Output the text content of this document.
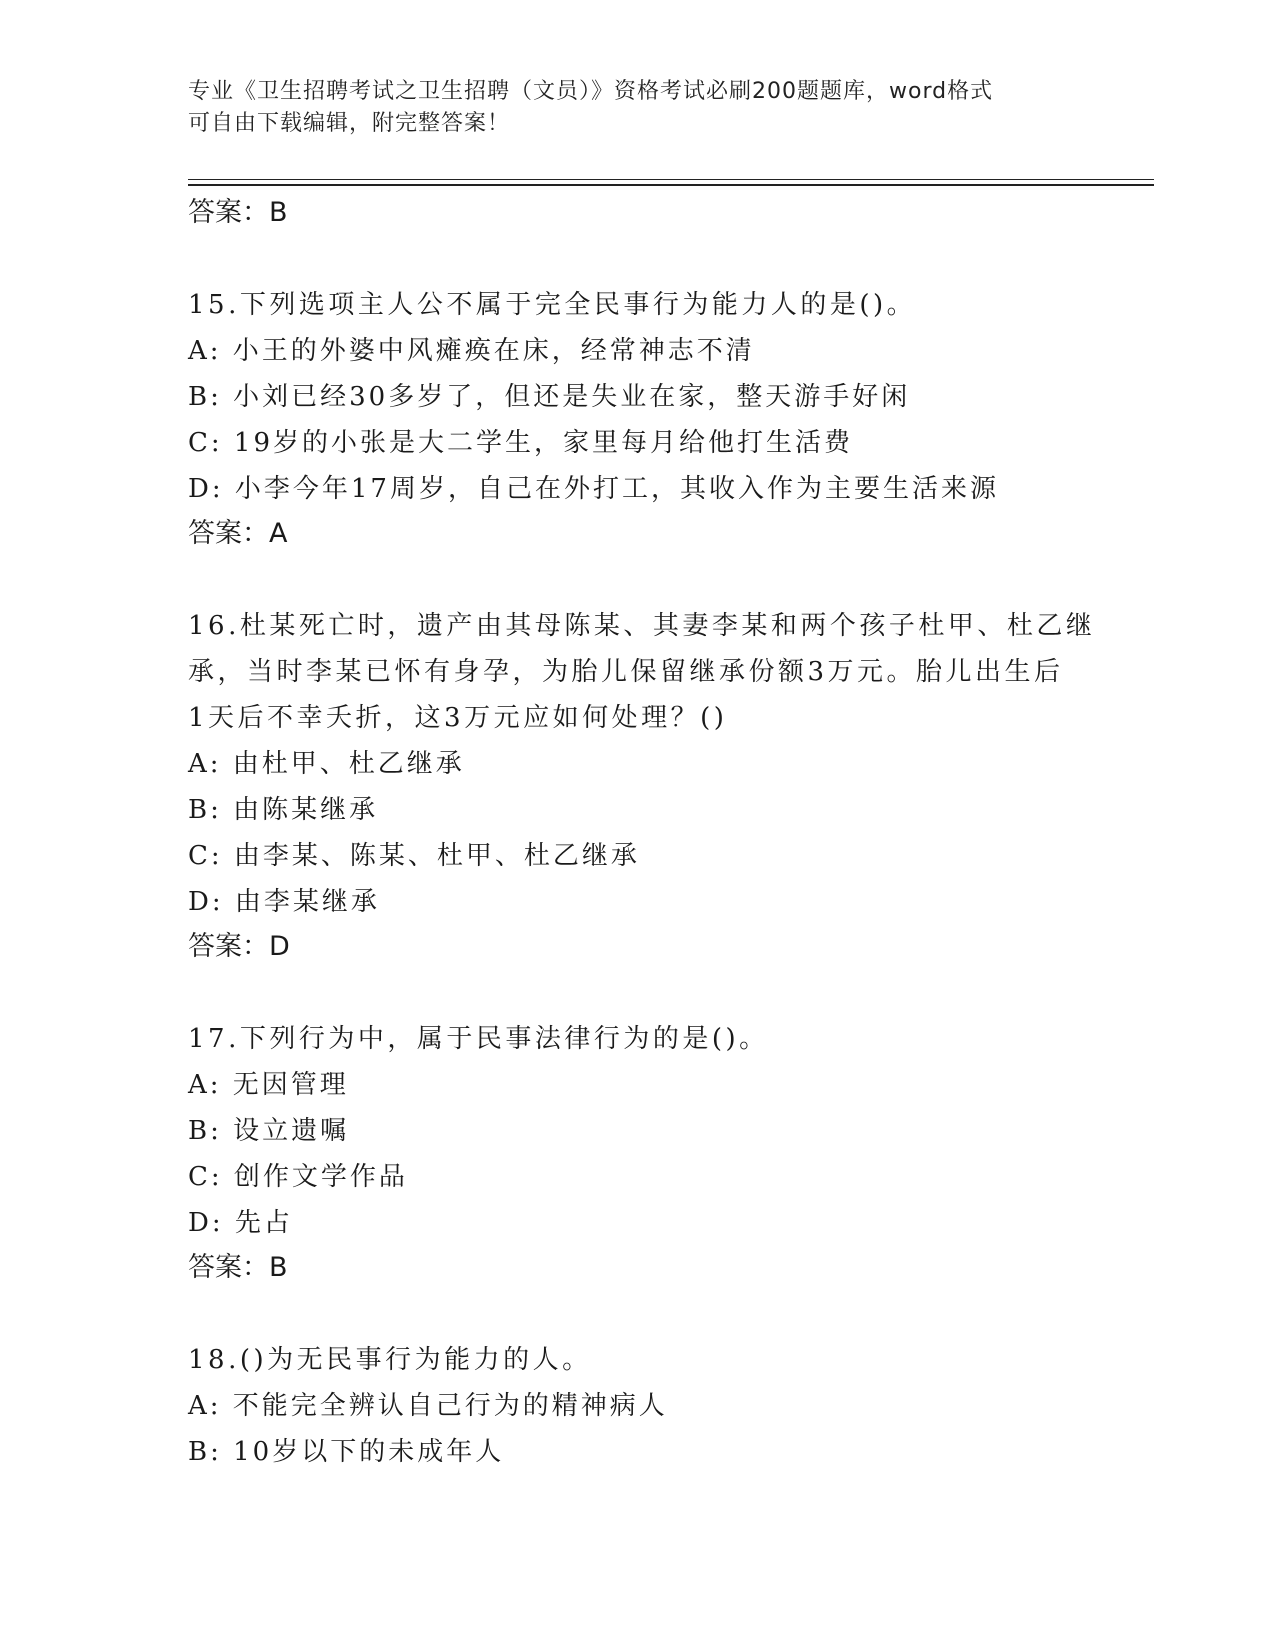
专业《卫生招聘考试之卫生招聘（文员）》资格考试必刷200题题库，word格式
可自由下载编辑，附完整答案！
答案：B
15.下列选项主人公不属于完全民事行为能力人的是()。
A: 小王的外婆中风瘫痪在床，经常神志不清
B: 小刘已经30多岁了，但还是失业在家，整天游手好闲
C: 19岁的小张是大二学生，家里每月给他打生活费
D: 小李今年17周岁，自己在外打工，其收入作为主要生活来源
答案：A
16.杜某死亡时，遗产由其母陈某、其妻李某和两个孩子杜甲、杜乙继
承，当时李某已怀有身孕，为胎儿保留继承份额3万元。胎儿出生后
1天后不幸夭折，这3万元应如何处理？()
A: 由杜甲、杜乙继承
B: 由陈某继承
C: 由李某、陈某、杜甲、杜乙继承
D: 由李某继承
答案：D
17.下列行为中，属于民事法律行为的是()。
A: 无因管理
B: 设立遗嘱
C: 创作文学作品
D: 先占
答案：B
18.()为无民事行为能力的人。
A: 不能完全辨认自己行为的精神病人
B: 10岁以下的未成年人
